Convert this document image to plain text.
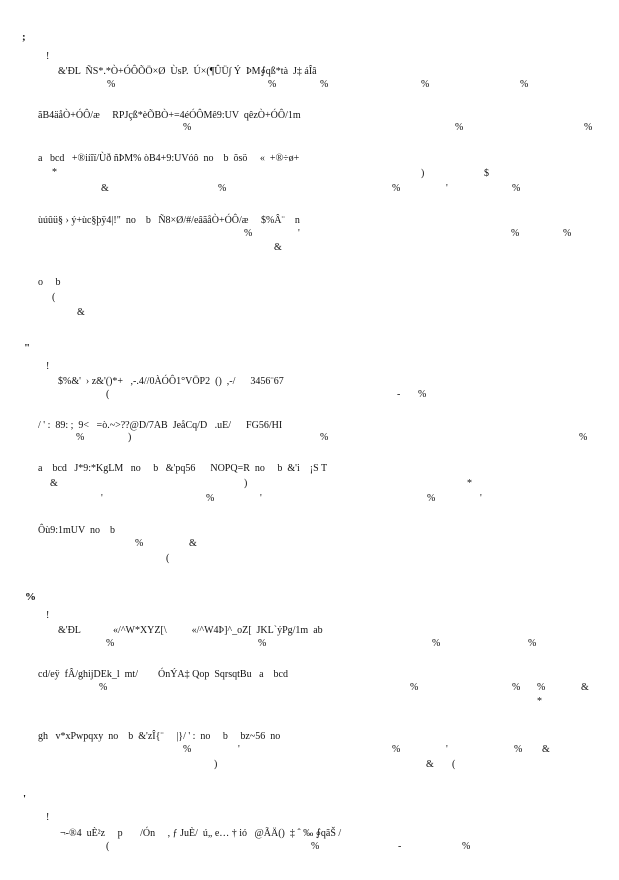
;
"
%
'
!
&'ÐL  ÑS*.*Ò+ÓÔÕÖ×Ø  ÙsP.  Ú×(¶ÛÜ∫ Ý  ÞM∮qß*tà  J‡ áÎâ
%	%	%	%	%
ãB4äåÒ+ÓÔ/æ     RPJçß*èÕBÒ+=4éÓÔMê9:UV  qêzÒ+ÓÔ/1m
%	%	%
a   bcd   +®iíîï/Ùð ñÞM% òB4+9:UVóô  no    b  õsö     «  +®÷ø+
*	)	$
&	%	%	'	%
ùúûü§ › ý+ùc§þÿ4|!"  no    b   Ñ8×Ø/#/eâãåÒ+ÓÔ/æ     $%Â¨    n
%	'	%	%
&
o     b
(
&
!
$%&'  › z&'()*+   ,-.4//0ÀÓÔ1°VÖP2  ()  ,-/      3456¨67
(	- %
/ ' :  89: ;  9<   =ò.~>??@D/7AB  JeåCq/D   .uE/      FG56/HI
%	)	%	%
a    bcd   J*9:*KgLM   no     b   &'pq56      NOPQ=R  no     b  &'i    ¡S T
&	)	*
'	%	'	%	'
Ôù9:1mUV  no    b
%	&
(
!
&'ÐL             «/^W*XYZ[\          «/^W4Þ]^_oZ[  JKL`ýPg/1m  ab
%	%	%	%
cd/eÿ  fÂ/ghijDEk_l  mt/        ÓnÝA‡ Qop  SqrsqtBu   a    bcd
%	%	% %	&
*
gh   v*xPwpqxy  no    b  &'zÎ{¨     |}/ ' :  no     b     bz~56  no
%	'	%	'	% &
)	& (
!
¬-®4  uÈ²z     p       /Ón     , ƒ JuÈ/  ú„ e… † ió   @ÃÄ()  ‡ ˆ ‰ ∮qãŠ /
(	%	-	%
